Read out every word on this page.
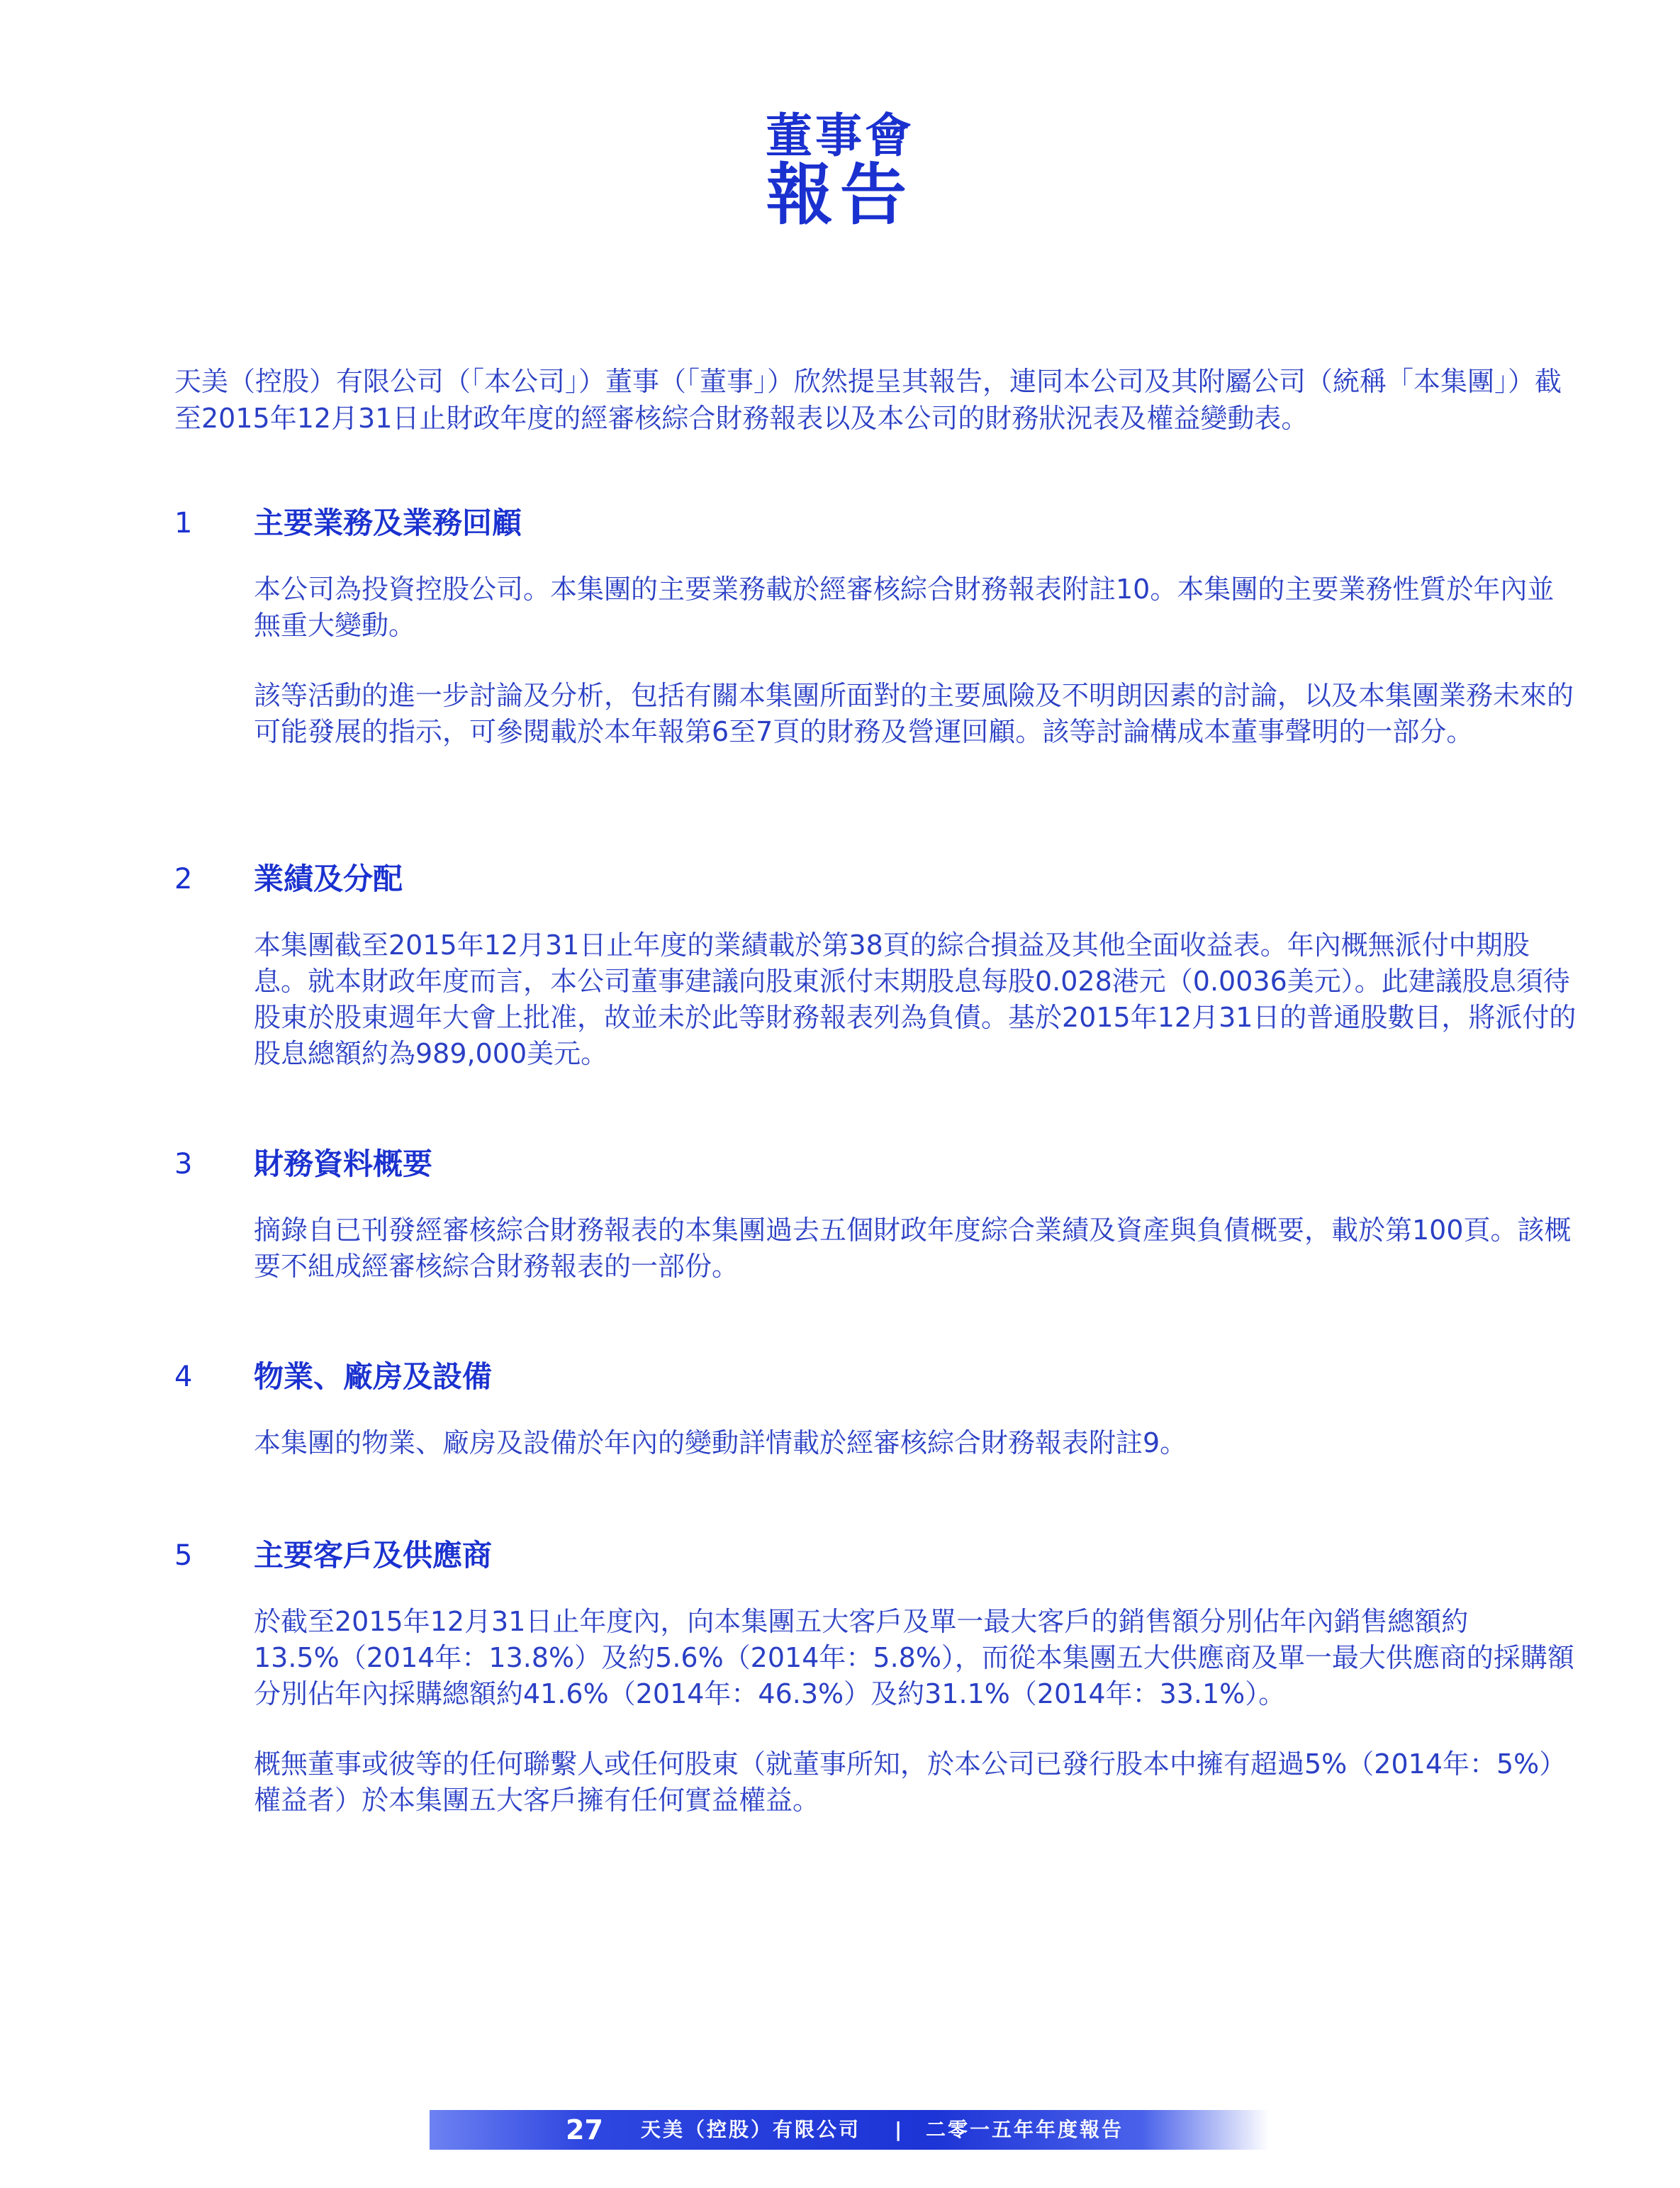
董事會
報告

天美（控股）有限公司（「本公司」）董事（「董事」）欣然提呈其報告，連同本公司及其附屬公司（統稱「本集團」）截至2015年12月31日止財政年度的經審核綜合財務報表以及本公司的財務狀況表及權益變動表。

1 主要業務及業務回顧

本公司為投資控股公司。本集團的主要業務載於經審核綜合財務報表附註10。本集團的主要業務性質於年內並無重大變動。

該等活動的進一步討論及分析，包括有關本集團所面對的主要風險及不明朗因素的討論，以及本集團業務未來的可能發展的指示，可參閱載於本年報第6至7頁的財務及營運回顧。該等討論構成本董事聲明的一部分。

2 業績及分配

本集團截至2015年12月31日止年度的業績載於第38頁的綜合損益及其他全面收益表。年內概無派付中期股息。就本財政年度而言，本公司董事建議向股東派付末期股息每股0.028港元（0.0036美元）。此建議股息須待股東於股東週年大會上批准，故並未於此等財務報表列為負債。基於2015年12月31日的普通股數目，將派付的股息總額約為989,000美元。

3 財務資料概要

摘錄自已刊發經審核綜合財務報表的本集團過去五個財政年度綜合業績及資產與負債概要，載於第100頁。該概要不組成經審核綜合財務報表的一部份。

4 物業、廠房及設備

本集團的物業、廠房及設備於年內的變動詳情載於經審核綜合財務報表附註9。

5 主要客戶及供應商

於截至2015年12月31日止年度內，向本集團五大客戶及單一最大客戶的銷售額分別佔年內銷售總額約13.5%（2014年：13.8%）及約5.6%（2014年：5.8%），而從本集團五大供應商及單一最大供應商的採購額分別佔年內採購總額約41.6%（2014年：46.3%）及約31.1%（2014年：33.1%）。

概無董事或彼等的任何聯繫人或任何股東（就董事所知，於本公司已發行股本中擁有超過5%（2014年：5%）權益者）於本集團五大客戶擁有任何實益權益。

27 天美（控股）有限公司 | 二零一五年年度報告
